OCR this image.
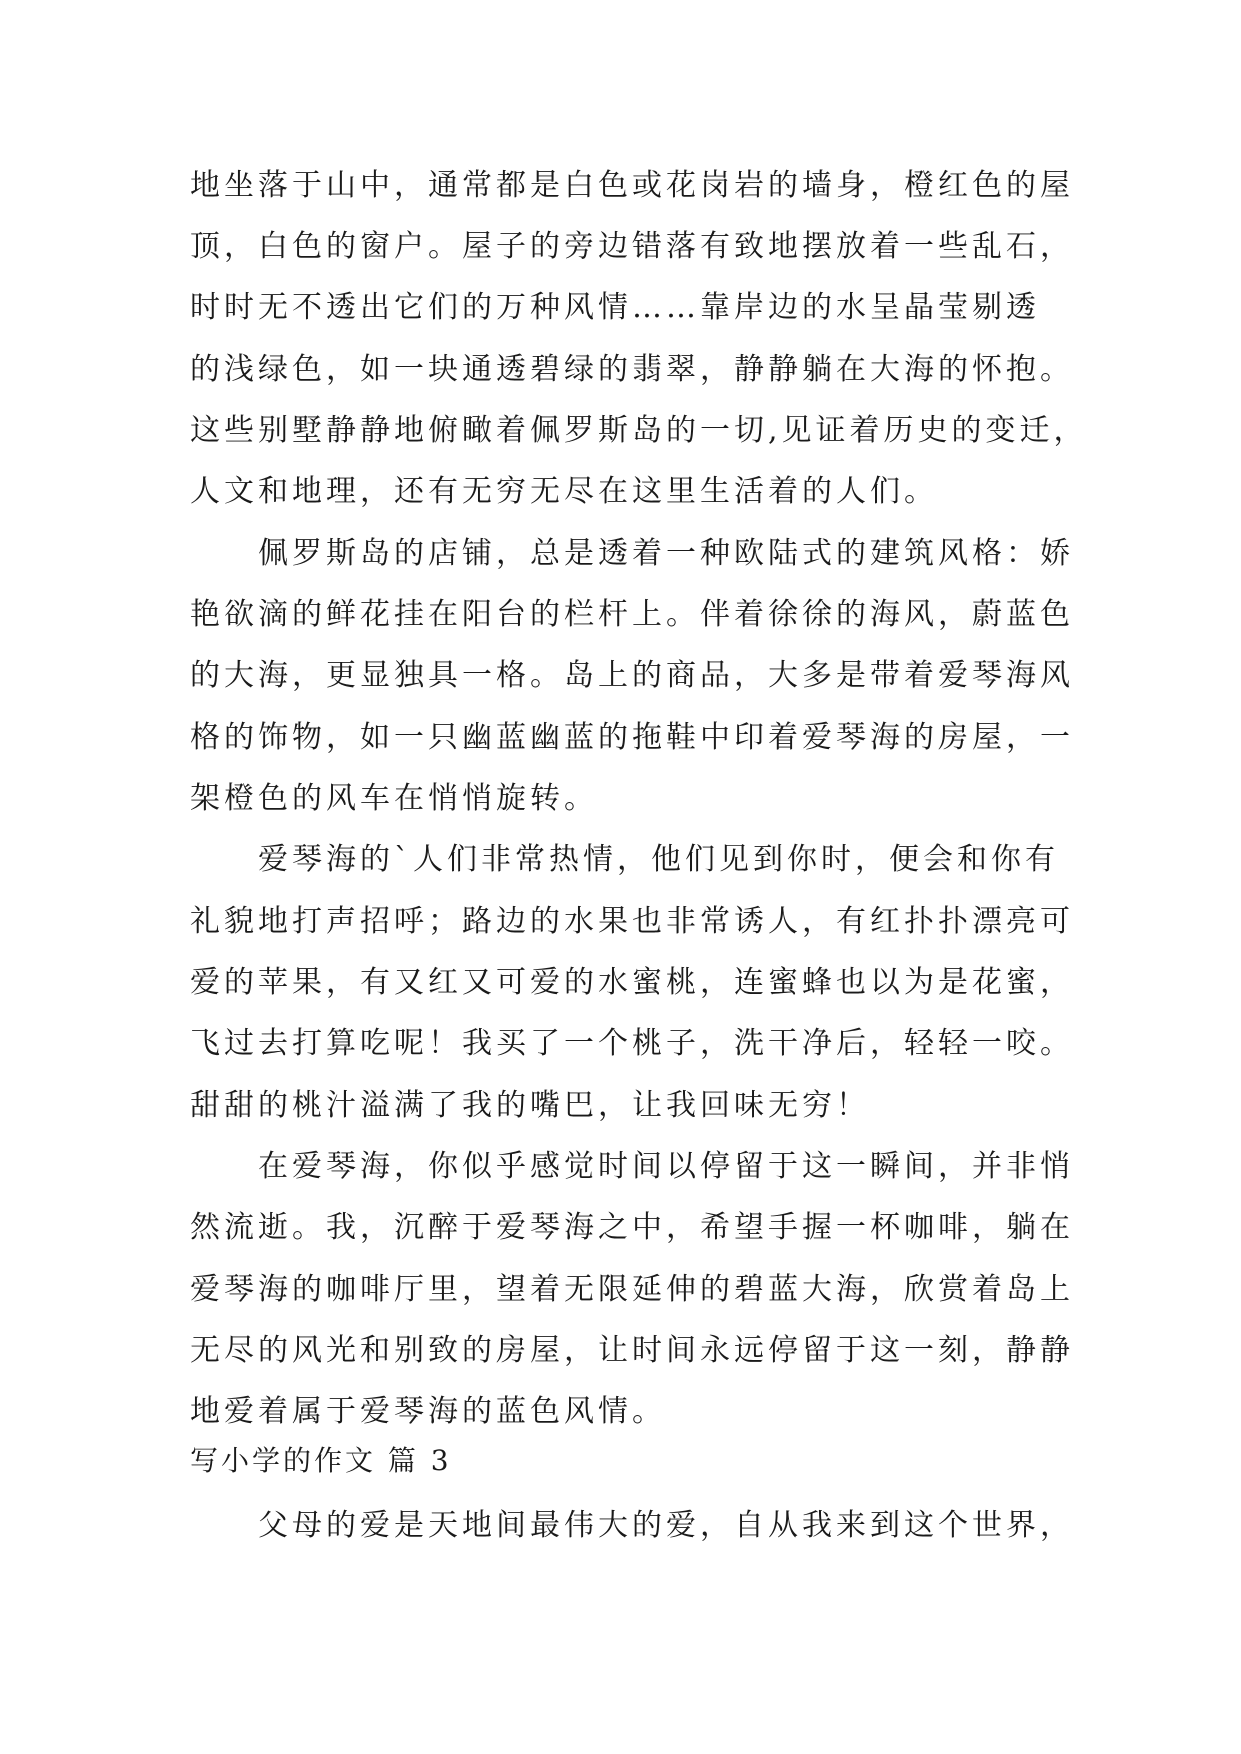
地坐落于山中，通常都是白色或花岗岩的墙身，橙红色的屋
顶，白色的窗户。屋子的旁边错落有致地摆放着一些乱石，
时时无不透出它们的万种风情……靠岸边的水呈晶莹剔透
的浅绿色，如一块通透碧绿的翡翠，静静躺在大海的怀抱。
这些别墅静静地俯瞰着佩罗斯岛的一切,见证着历史的变迁，
人文和地理，还有无穷无尽在这里生活着的人们。
佩罗斯岛的店铺，总是透着一种欧陆式的建筑风格：娇
艳欲滴的鲜花挂在阳台的栏杆上。伴着徐徐的海风，蔚蓝色
的大海，更显独具一格。岛上的商品，大多是带着爱琴海风
格的饰物，如一只幽蓝幽蓝的拖鞋中印着爱琴海的房屋，一
架橙色的风车在悄悄旋转。
爱琴海的`人们非常热情，他们见到你时，便会和你有
礼貌地打声招呼；路边的水果也非常诱人，有红扑扑漂亮可
爱的苹果，有又红又可爱的水蜜桃，连蜜蜂也以为是花蜜，
飞过去打算吃呢！我买了一个桃子，洗干净后，轻轻一咬。
甜甜的桃汁溢满了我的嘴巴，让我回味无穷！
在爱琴海，你似乎感觉时间以停留于这一瞬间，并非悄
然流逝。我，沉醉于爱琴海之中，希望手握一杯咖啡，躺在
爱琴海的咖啡厅里，望着无限延伸的碧蓝大海，欣赏着岛上
无尽的风光和别致的房屋，让时间永远停留于这一刻，静静
地爱着属于爱琴海的蓝色风情。
写小学的作文 篇 3
父母的爱是天地间最伟大的爱，自从我来到这个世界，
